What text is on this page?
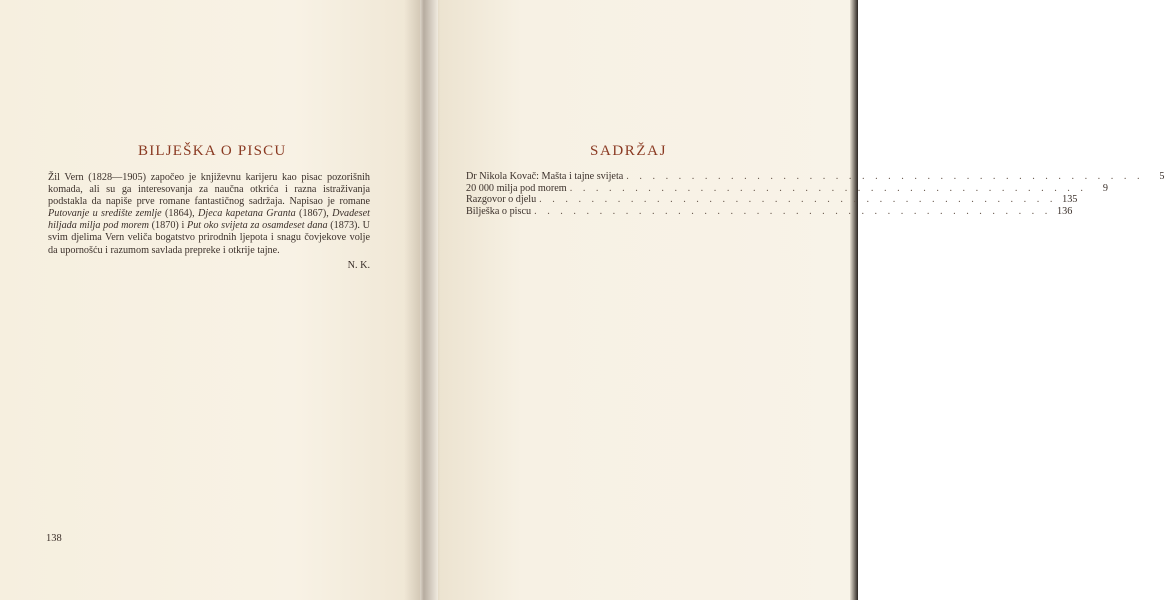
BILJEŠKA O PISCU

Žil Vern (1828—1905) započeo je književnu karijeru kao pisac pozorišnih komada, ali su ga interesovanja za naučna otkrića i razna istraživanja podstakla da napiše prve romane fantastičnog sadržaja. Napisao je romane Putovanje u središte zemlje (1864), Djeca kapetana Granta (1867), Dvadeset hiljada milja pod morem (1870) i Put oko svijeta za osamdeset dana (1873). U svim djelima Vern veliča bogatstvo prirodnih ljepota i snagu čovjekove volje da upornošću i razumom savlada prepreke i otkrije tajne.

N. K.
138
SADRŽAJ
Dr Nikola Kovač: Mašta i tajne svijeta . . . . . . . . . . . . . . . . . . . . . . . . . . . . . . . . . . . . . . . .	5
20 000 milja pod morem . . . . . . . . . . . . . . . . . . . . . . . . . . . . . . . . . . . . . . . .	9
Razgovor o djelu . . . . . . . . . . . . . . . . . . . . . . . . . . . . . . . . . . . . . . . . 135
Bilješka o piscu . . . . . . . . . . . . . . . . . . . . . . . . . . . . . . . . . . . . . . . . 136
